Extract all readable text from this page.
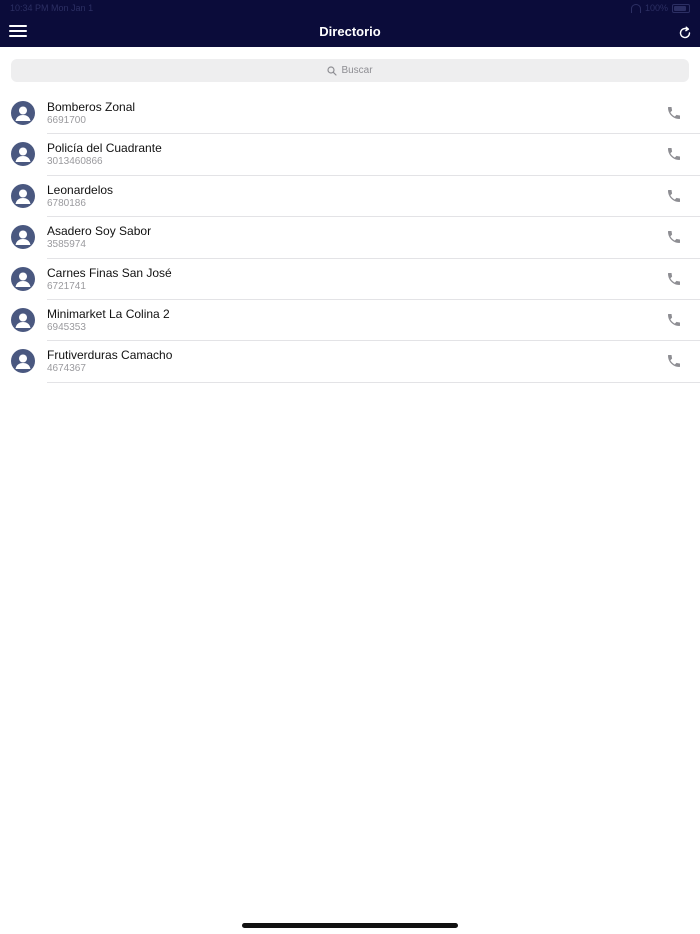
10:34 PM Mon Jan 1	100%
Directorio
Buscar
Bomberos Zonal
6691700
Policía del Cuadrante
3013460866
Leonardelos
6780186
Asadero Soy Sabor
3585974
Carnes Finas San José
6721741
Minimarket La Colina 2
6945353
Frutiverduras Camacho
4674367
